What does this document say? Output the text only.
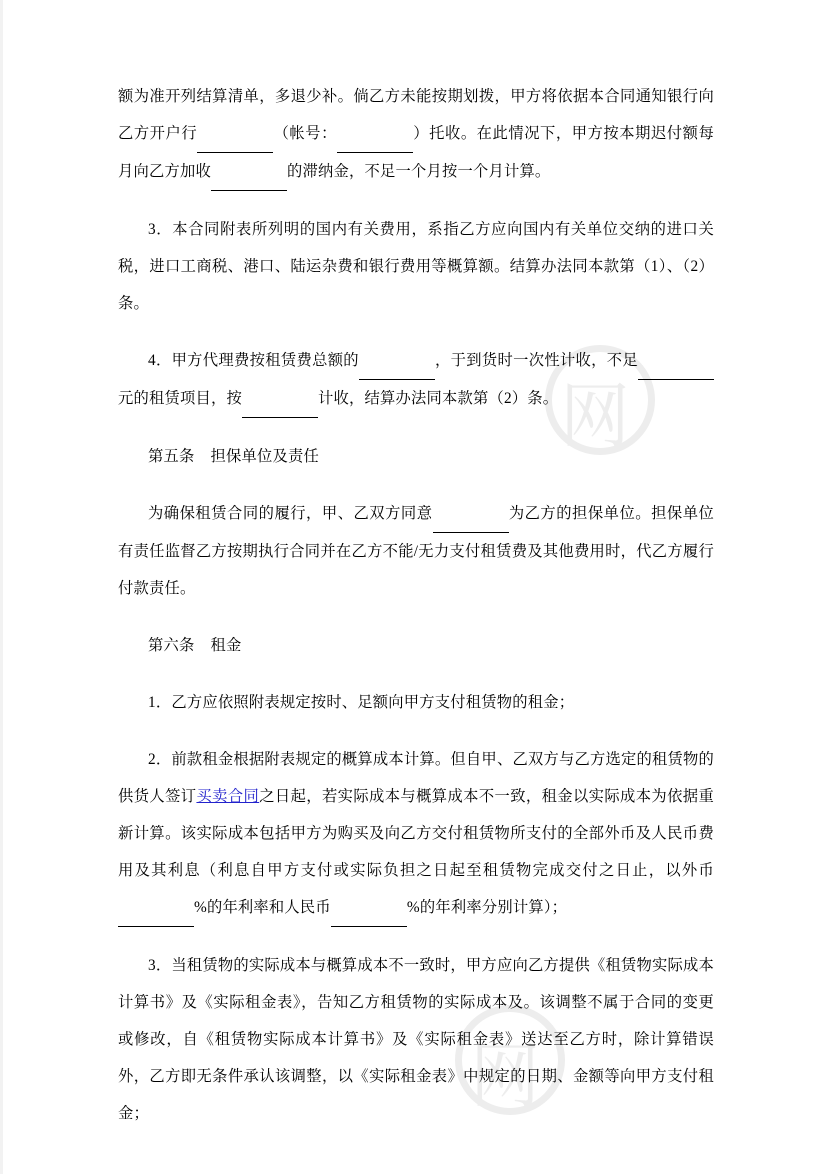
网
网
额为准开列结算清单，多退少补。倘乙方未能按期划拨，甲方将依据本合同通知银行向乙方开户行	（帐号：	）托收。在此情况下，甲方按本期迟付额每月向乙方加收	的滞纳金，不足一个月按一个月计算。
3．本合同附表所列明的国内有关费用，系指乙方应向国内有关单位交纳的进口关税，进口工商税、港口、陆运杂费和银行费用等概算额。结算办法同本款第（1）、（2）条。
4．甲方代理费按租赁费总额的	，于到货时一次性计收，不足 元的租赁项目，按	计收，结算办法同本款第（2）条。
第五条 担保单位及责任
为确保租赁合同的履行，甲、乙双方同意	为乙方的担保单位。担保单位有责任监督乙方按期执行合同并在乙方不能/无力支付租赁费及其他费用时，代乙方履行付款责任。
第六条 租金
1．乙方应依照附表规定按时、足额向甲方支付租赁物的租金；
2．前款租金根据附表规定的概算成本计算。但自甲、乙双方与乙方选定的租赁物的供货人签订买卖合同之日起，若实际成本与概算成本不一致，租金以实际成本为依据重新计算。该实际成本包括甲方为购买及向乙方交付租赁物所支付的全部外币及人民币费用及其利息（利息自甲方支付或实际负担之日起至租赁物完成交付之日止，以外币 %的年利率和人民币	%的年利率分别计算）；
3．当租赁物的实际成本与概算成本不一致时，甲方应向乙方提供《租赁物实际成本计算书》及《实际租金表》，告知乙方租赁物的实际成本及。该调整不属于合同的变更或修改，自《租赁物实际成本计算书》及《实际租金表》送达至乙方时，除计算错误外，乙方即无条件承认该调整，以《实际租金表》中规定的日期、金额等向甲方支付租金；
